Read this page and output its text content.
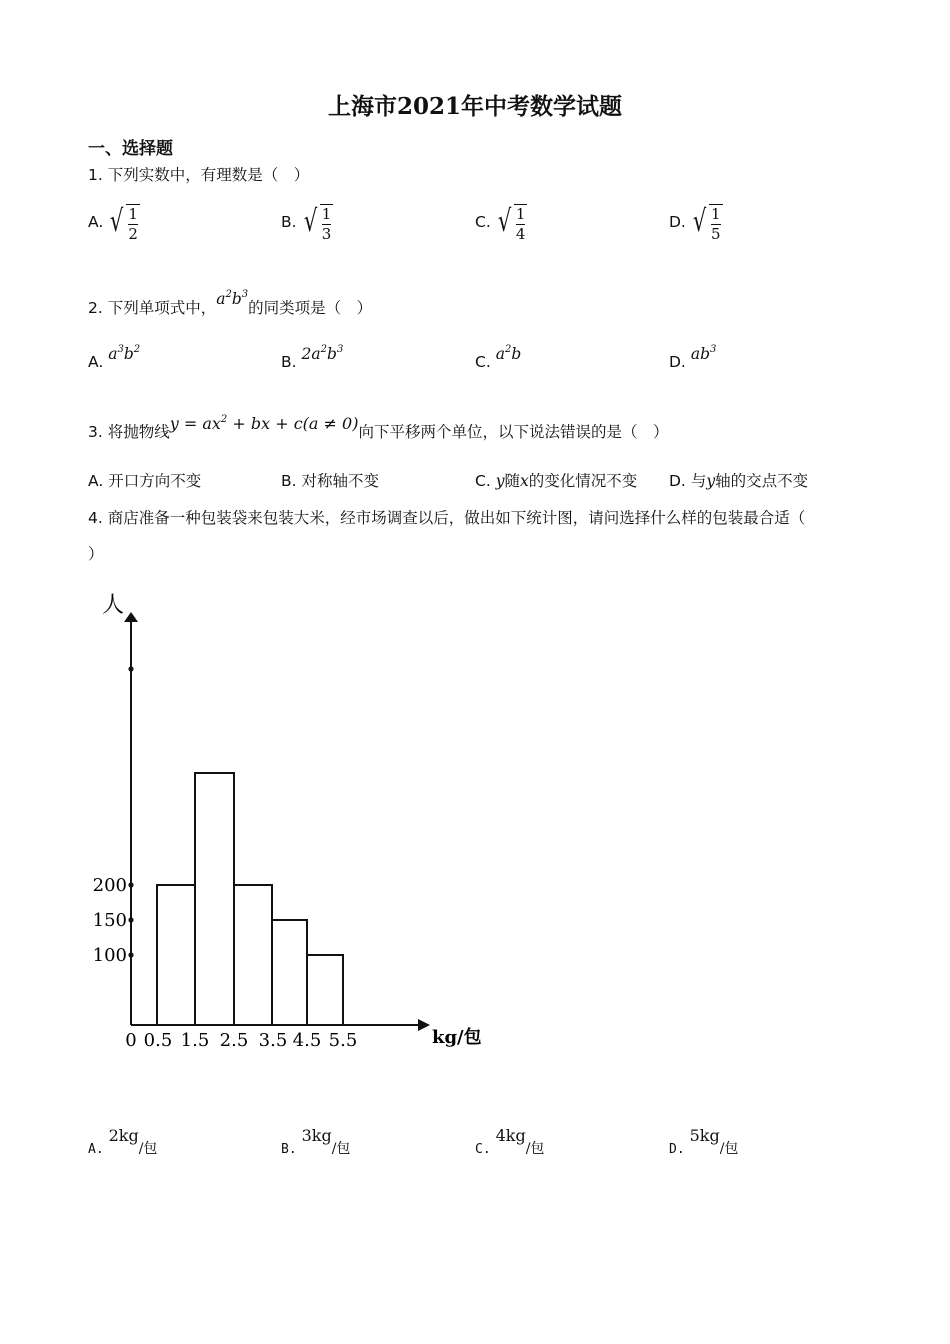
上海市2021年中考数学试题
一、选择题
1. 下列实数中，有理数是（　）
A. √ $\frac{1}{2}$	B. √ $\frac{1}{3}$	C. √ $\frac{1}{4}$	D. √ $\frac{1}{5}$
2. 下列单项式中，$a^2b^3$的同类项是（　）
A. $a^3b^2$
B. $2a^2b^3$
C. $a^2b$	D. $ab^3$
3. 将抛物线$y = ax^2$ + bx + c(a ≠ 0)向下平移两个单位，以下说法错误的是（　）
A. 开口方向不变	B. 对称轴不变	C. y随x的变化情况不变 D. 与y轴的交点不变
4. 商店准备一种包装袋来包装大米，经市场调查以后，做出如下统计图，请问选择什么样的包装最合适（
）
人
kg/包
0 0.5 1.5 2.5 3.5 4.5 5.5
100
150
200
A. 2kg/包	B. 3kg/包	C. 4kg/包	D. 5kg/包
